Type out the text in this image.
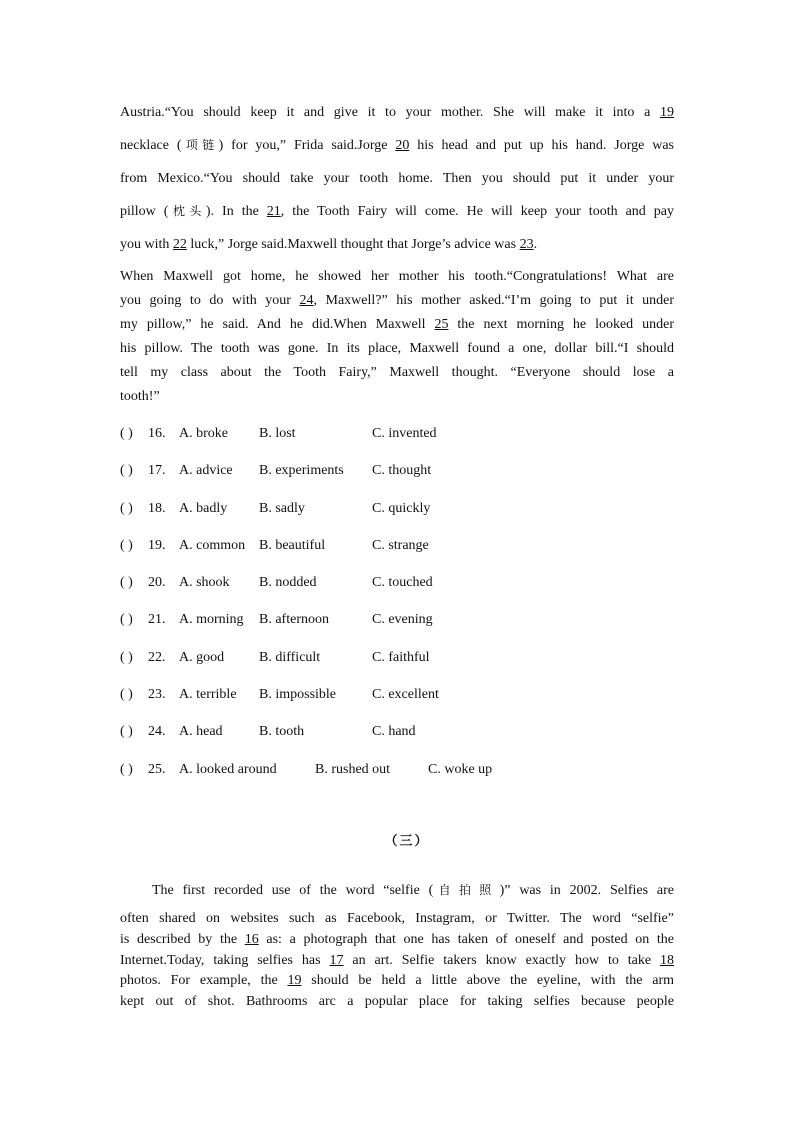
Austria.“You should keep it and give it to your mother. She will make it into a 19
necklace (项链) for you,” Frida said.Jorge 20 his head and put up his hand. Jorge was
from Mexico.“You should take your tooth home. Then you should put it under your
pillow (枕头). In the 21, the Tooth Fairy will come. He will keep your tooth and pay
you with 22 luck,” Jorge said.Maxwell thought that Jorge’s advice was 23.
When Maxwell got home, he showed her mother his tooth.“Congratulations! What are
you going to do with your 24, Maxwell?” his mother asked.“I’m going to put it under
my pillow,” he said. And he did.When Maxwell 25 the next morning he looked under
his pillow. The tooth was gone. In its place, Maxwell found a one, dollar bill.“I should
tell my class about the Tooth Fairy,” Maxwell thought. “Everyone should lose a
tooth!”
( ) 16. A. broke B. lost	C. invented
( ) 17. A. advice B. experiments C. thought
( ) 18. A. badly B. sadly	C. quickly
( ) 19. A. common B. beautiful	C. strange
( ) 20. A. shook B. nodded	C. touched
( ) 21. A. morning B. afternoon	C. evening
( ) 22. A. good B. difficult	C. faithful
( ) 23. A. terrible B. impossible	C. excellent
( ) 24. A. head	B. tooth	C. hand
( ) 25. A. looked around	B. rushed out	C. woke up
（三）
The first recorded use of the word “selfie (自拍照)” was in 2002. Selfies are
often shared on websites such as Facebook, Instagram, or Twitter. The word “selfie”
is described by the 16 as: a photograph that one has taken of oneself and posted on the
Internet.Today, taking selfies has 17 an art. Selfie takers know exactly how to take 18
photos. For example, the 19 should be held a little above the eyeline, with the arm
kept out of shot. Bathrooms arc a popular place for taking selfies because people
